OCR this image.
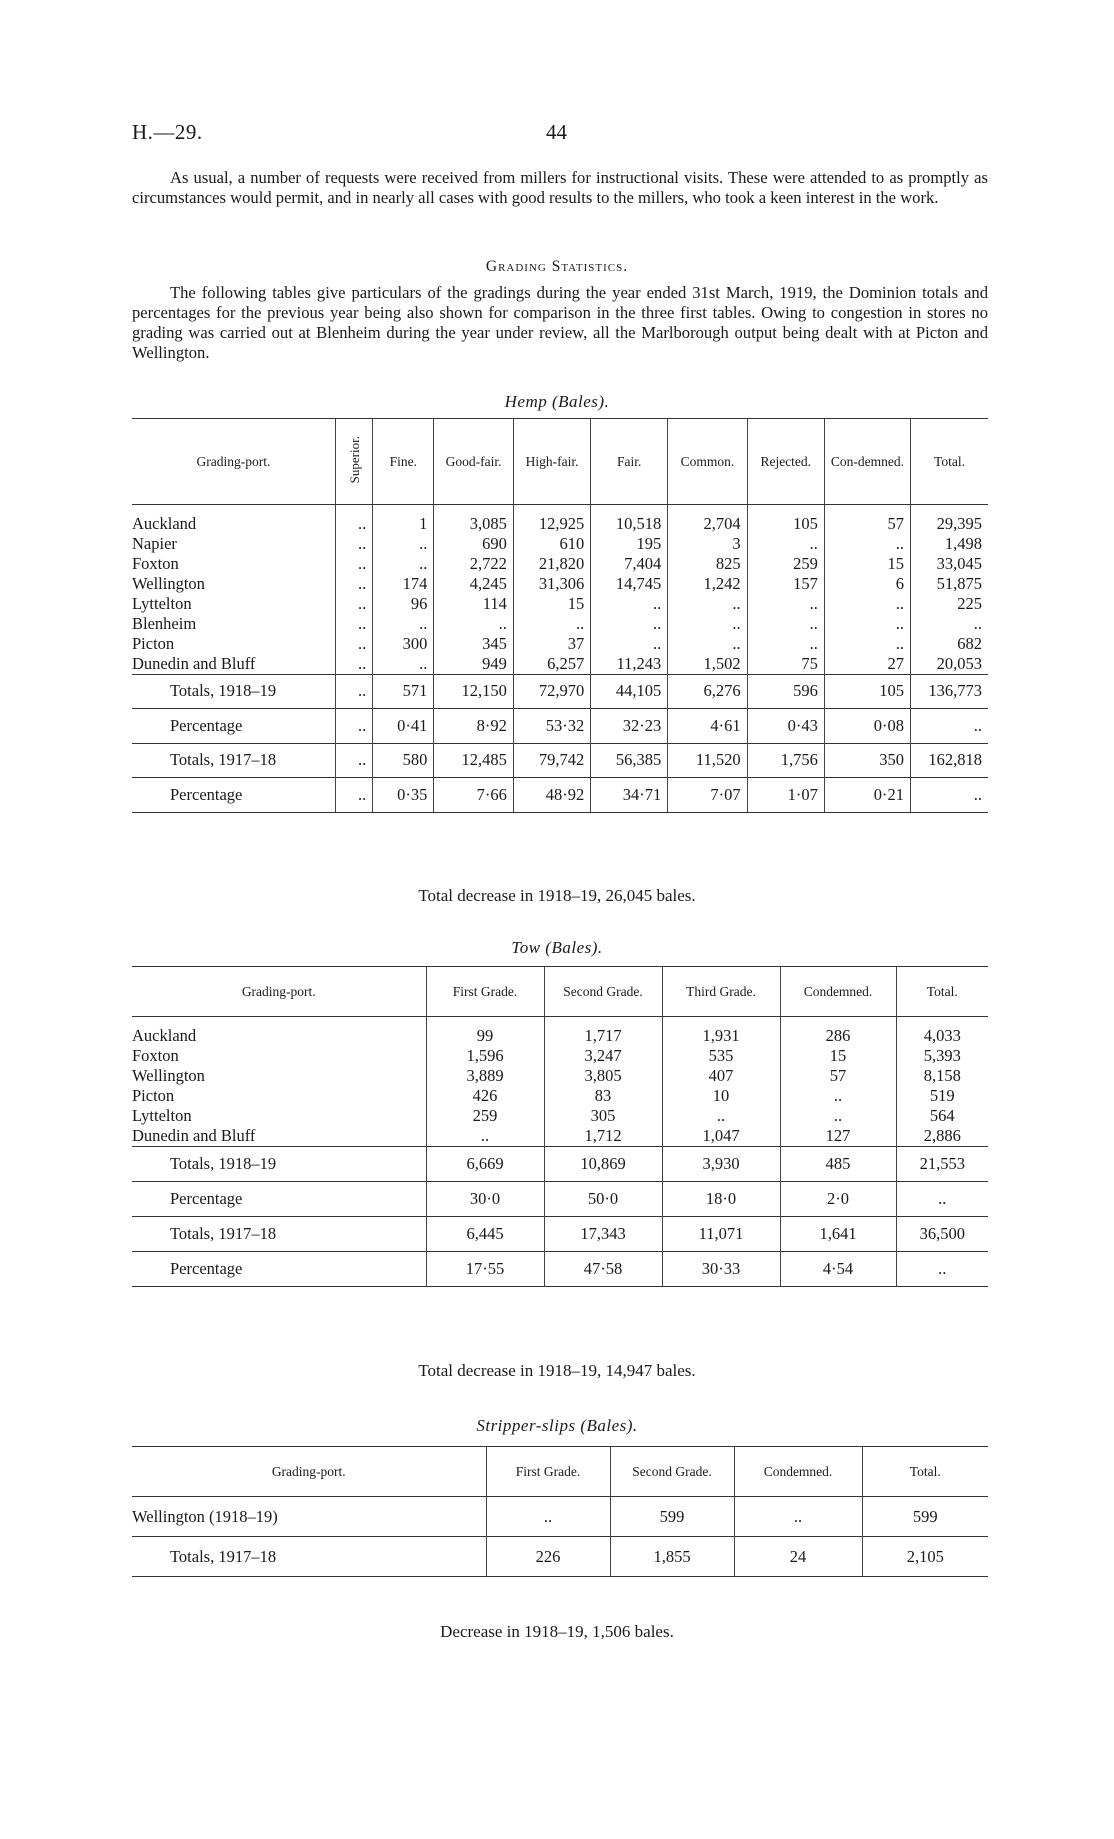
H.—29.	44
As usual, a number of requests were received from millers for instructional visits. These were attended to as promptly as circumstances would permit, and in nearly all cases with good results to the millers, who took a keen interest in the work.
Grading Statistics.
The following tables give particulars of the gradings during the year ended 31st March, 1919, the Dominion totals and percentages for the previous year being also shown for comparison in the three first tables. Owing to congestion in stores no grading was carried out at Blenheim during the year under review, all the Marlborough output being dealt with at Picton and Wellington.
Hemp (Bales).
Grading-port.	Superior.	Fine.	Good-fair.	High-fair.	Fair.	Common.	Rejected.	Con-demned.	Total.
Auckland	..	1	3,085	12,925	10,518	2,704	105	57	29,395
Napier	..	..	690	610	195	3	..	..	1,498
Foxton	..	..	2,722	21,820	7,404	825	259	15	33,045
Wellington	..	174	4,245	31,306	14,745	1,242	157	6	51,875
Lyttelton	..	96	114	15	..	..	..	..	225
Blenheim	..	..	..	..	..	..	..	..	..
Picton	..	300	345	37	..	..	..	..	682
Dunedin and Bluff	..	..	949	6,257	11,243	1,502	75	27	20,053
Totals, 1918–19	..	571	12,150	72,970	44,105	6,276	596	105	136,773
Percentage	..	0·41	8·92	53·32	32·23	4·61	0·43	0·08	..
Totals, 1917–18	..	580	12,485	79,742	56,385	11,520	1,756	350	162,818
Percentage	..	0·35	7·66	48·92	34·71	7·07	1·07	0·21	..
Total decrease in 1918–19, 26,045 bales.
Tow (Bales).
Grading-port.	First Grade.	Second Grade.	Third Grade.	Condemned.	Total.
Auckland	99	1,717	1,931	286	4,033
Foxton	1,596	3,247	535	15	5,393
Wellington	3,889	3,805	407	57	8,158
Picton	426	83	10	..	519
Lyttelton	259	305	..	..	564
Dunedin and Bluff	..	1,712	1,047	127	2,886
Totals, 1918–19	6,669	10,869	3,930	485	21,553
Percentage	30·0	50·0	18·0	2·0	..
Totals, 1917–18	6,445	17,343	11,071	1,641	36,500
Percentage	17·55	47·58	30·33	4·54	..
Total decrease in 1918–19, 14,947 bales.
Stripper-slips (Bales).
Grading-port.	First Grade.	Second Grade.	Condemned.	Total.
Wellington (1918–19)	..	599	..	599
Totals, 1917–18	226	1,855	24	2,105
Decrease in 1918–19, 1,506 bales.
